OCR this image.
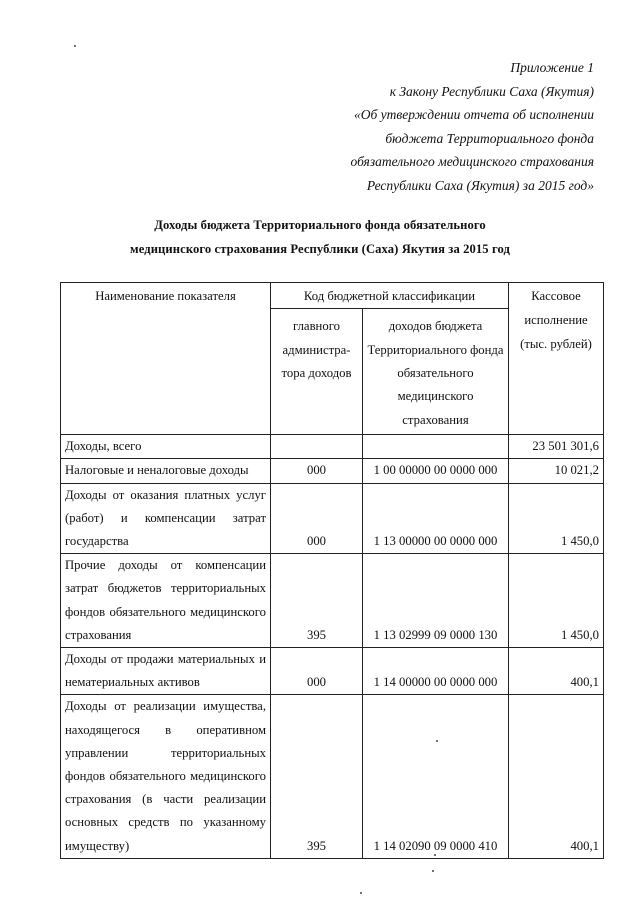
Приложение 1
к Закону Республики Саха (Якутия)
«Об утверждении отчета об исполнении
бюджета Территориального фонда
обязательного медицинского страхования
Республики Саха (Якутия) за 2015 год»
Доходы бюджета Территориального фонда обязательного
медицинского страхования Республики (Саха) Якутия за 2015 год
Наименование показателя	Код бюджетной классификации		Кассовое исполнение (тыс. рублей)
	главного администра-тора доходов	доходов бюджета Территориального фонда обязательного медицинского страхования	
Доходы, всего			23 501 301,6
Налоговые и неналоговые доходы	000	1 00 00000 00 0000 000	10 021,2
Доходы от оказания платных услуг (работ) и компенсации затрат государства	000	1 13 00000 00 0000 000	1 450,0
Прочие доходы от компенсации затрат бюджетов территориальных фондов обязательного медицинского страхования	395	1 13 02999 09 0000 130	1 450,0
Доходы от продажи материальных и нематериальных активов	000	1 14 00000 00 0000 000	400,1
Доходы от реализации имущества, находящегося в оперативном управлении территориальных фондов обязательного медицинского страхования (в части реализации основных средств по указанному имуществу)	395	1 14 02090 09 0000 410	400,1
